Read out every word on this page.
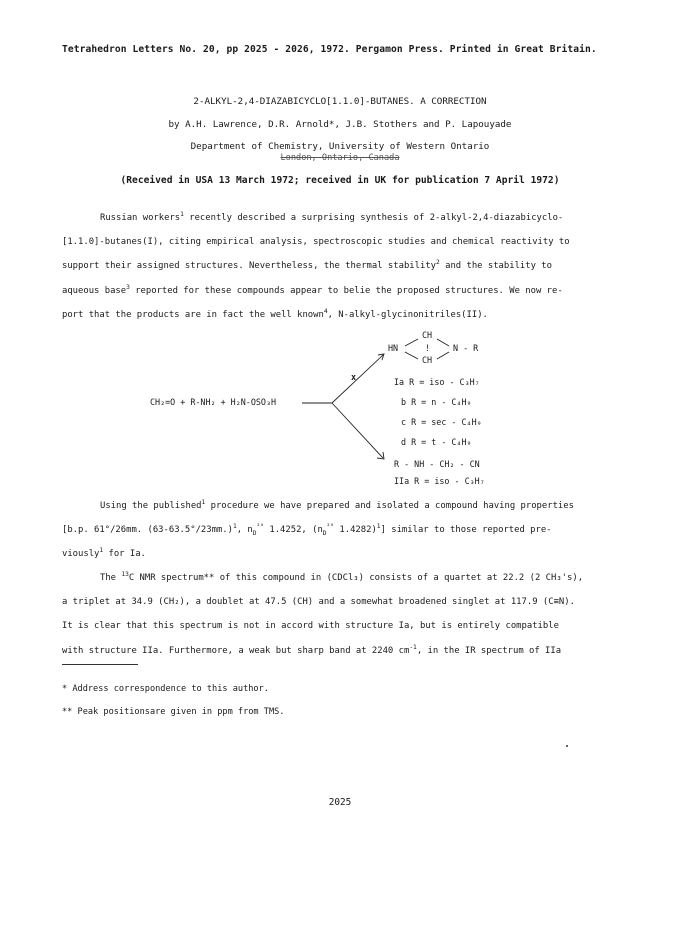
Tetrahedron Letters No. 20, pp 2025 - 2026, 1972. Pergamon Press. Printed in Great Britain.
2-ALKYL-2,4-DIAZABICYCLO[1.1.0]-BUTANES. A CORRECTION
by A.H. Lawrence, D.R. Arnold*, J.B. Stothers and P. Lapouyade
Department of Chemistry, University of Western Ontario
London, Ontario, Canada
(Received in USA 13 March 1972; received in UK for publication 7 April 1972)
Russian workers$^1$ recently described a surprising synthesis of 2-alkyl-2,4-diazabicyclo-
[1.1.0]-butanes(I), citing empirical analysis, spectroscopic studies and chemical reactivity to
support their assigned structures. Nevertheless, the thermal stability$^2$ and the stability to
aqueous base$^3$ reported for these compounds appear to belie the proposed structures. We now re-
port that the products are in fact the well known$^4$, N-alkyl-glycinonitriles(II).
CH
HN	!	N - R
CH
x
CH₂=O + R-NH₂ + H₂N-OSO₃H
Ia R = iso - C₃H₇
b R = n - C₄H₉
c R = sec - C₄H₉
d R = t - C₄H₉
R - NH - CH₂ - CN
IIa R = iso - C₃H₇
Using the published$^1$ procedure we have prepared and isolated a compound having properties
[b.p. 61°/26mm. $(63-63.5^\circ/23mm.)^1$, $n_D^{^{20}}$ 1.4252, ($n_D^{^{20}}$ 1.4282)$^1$] similar to those reported pre-
viously$^1$ for Ia.
The $^{13}$C NMR spectrum** of this compound in (CDCl₃) consists of a quartet at 22.2 (2 CH₃'s),
a triplet at 34.9 (CH₂), a doublet at 47.5 (CH) and a somewhat broadened singlet at 117.9 (C≡N).
It is clear that this spectrum is not in accord with structure Ia, but is entirely compatible
with structure IIa. Furthermore, a weak but sharp band at 2240 $cm^{-1}$, in the IR spectrum of IIa
* Address correspondence to this author.
** Peak positionsare given in ppm from TMS.
2025
